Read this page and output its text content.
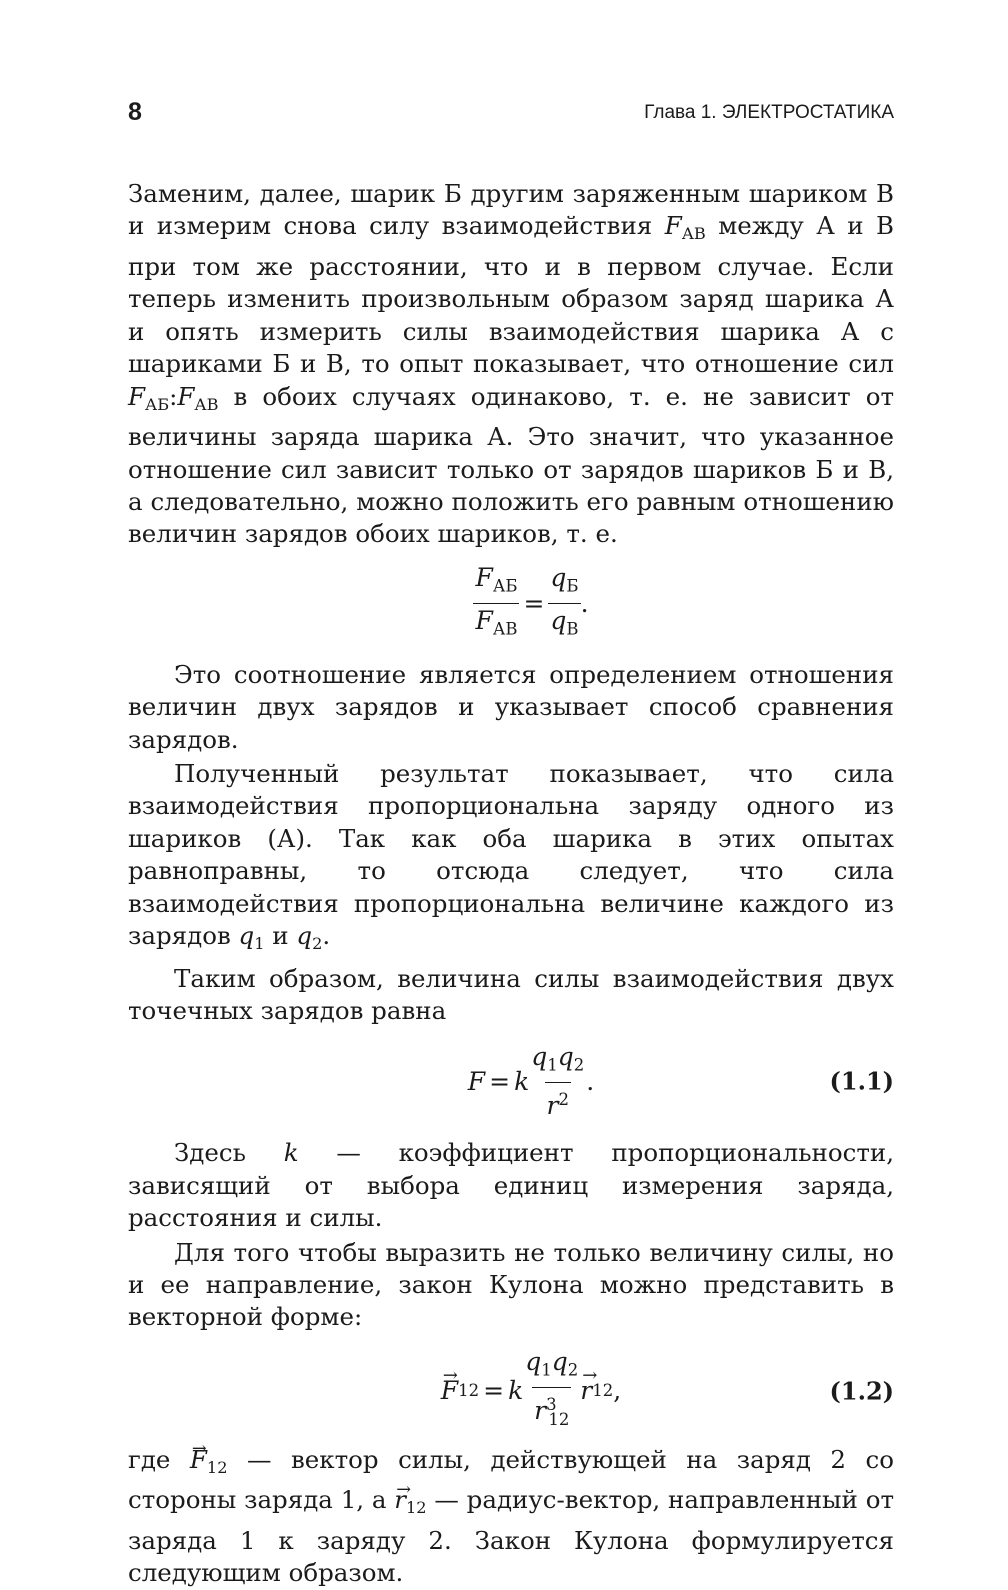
8	Глава 1. ЭЛЕКТРОСТАТИКА

Заменим, далее, шарик Б другим заряженным шариком В и измерим снова силу взаимодействия $F_{АВ}$ между А и В при том же расстоянии, что и в первом случае. Если теперь изменить произвольным образом заряд шарика А и опять измерить силы взаимодействия шарика А с шариками Б и В, то опыт показывает, что отношение сил $F_{АБ}:F_{АВ}$ в обоих случаях одинаково, т. е. не зависит от величины заряда шарика А. Это значит, что указанное отношение сил зависит только от зарядов шариков Б и В, а следовательно, можно положить его равным отношению величин зарядов обоих шариков, т. е.

$\frac{F_{АБ}}{F_{АВ}} = \frac{q_Б}{q_В}$ .

Это соотношение является определением отношения величин двух зарядов и указывает способ сравнения зарядов.

Полученный результат показывает, что сила взаимодействия пропорциональна заряду одного из шариков (А). Так как оба шарика в этих опытах равноправны, то отсюда следует, что сила взаимодействия пропорциональна величине каждого из зарядов $q_1$ и $q_2$.

Таким образом, величина силы взаимодействия двух точечных зарядов равна

F = k $\frac{q_1q_2}{r^2}$ .	(1.1)

Здесь k — коэффициент пропорциональности, зависящий от выбора единиц измерения заряда, расстояния и силы.

Для того чтобы выразить не только величину силы, но и ее направление, закон Кулона можно представить в векторной форме:

→ F 12 = k $\frac{q_1q_2}{r^3_{12}}$
→ r 12 ,	(1.2)

где → $F_{12}$ — вектор силы, действующей на заряд 2 со стороны заряда 1, $а \to r_{12}$ — радиус-вектор, направленный от заряда 1 к заряду 2. Закон Кулона формулируется следующим образом.
